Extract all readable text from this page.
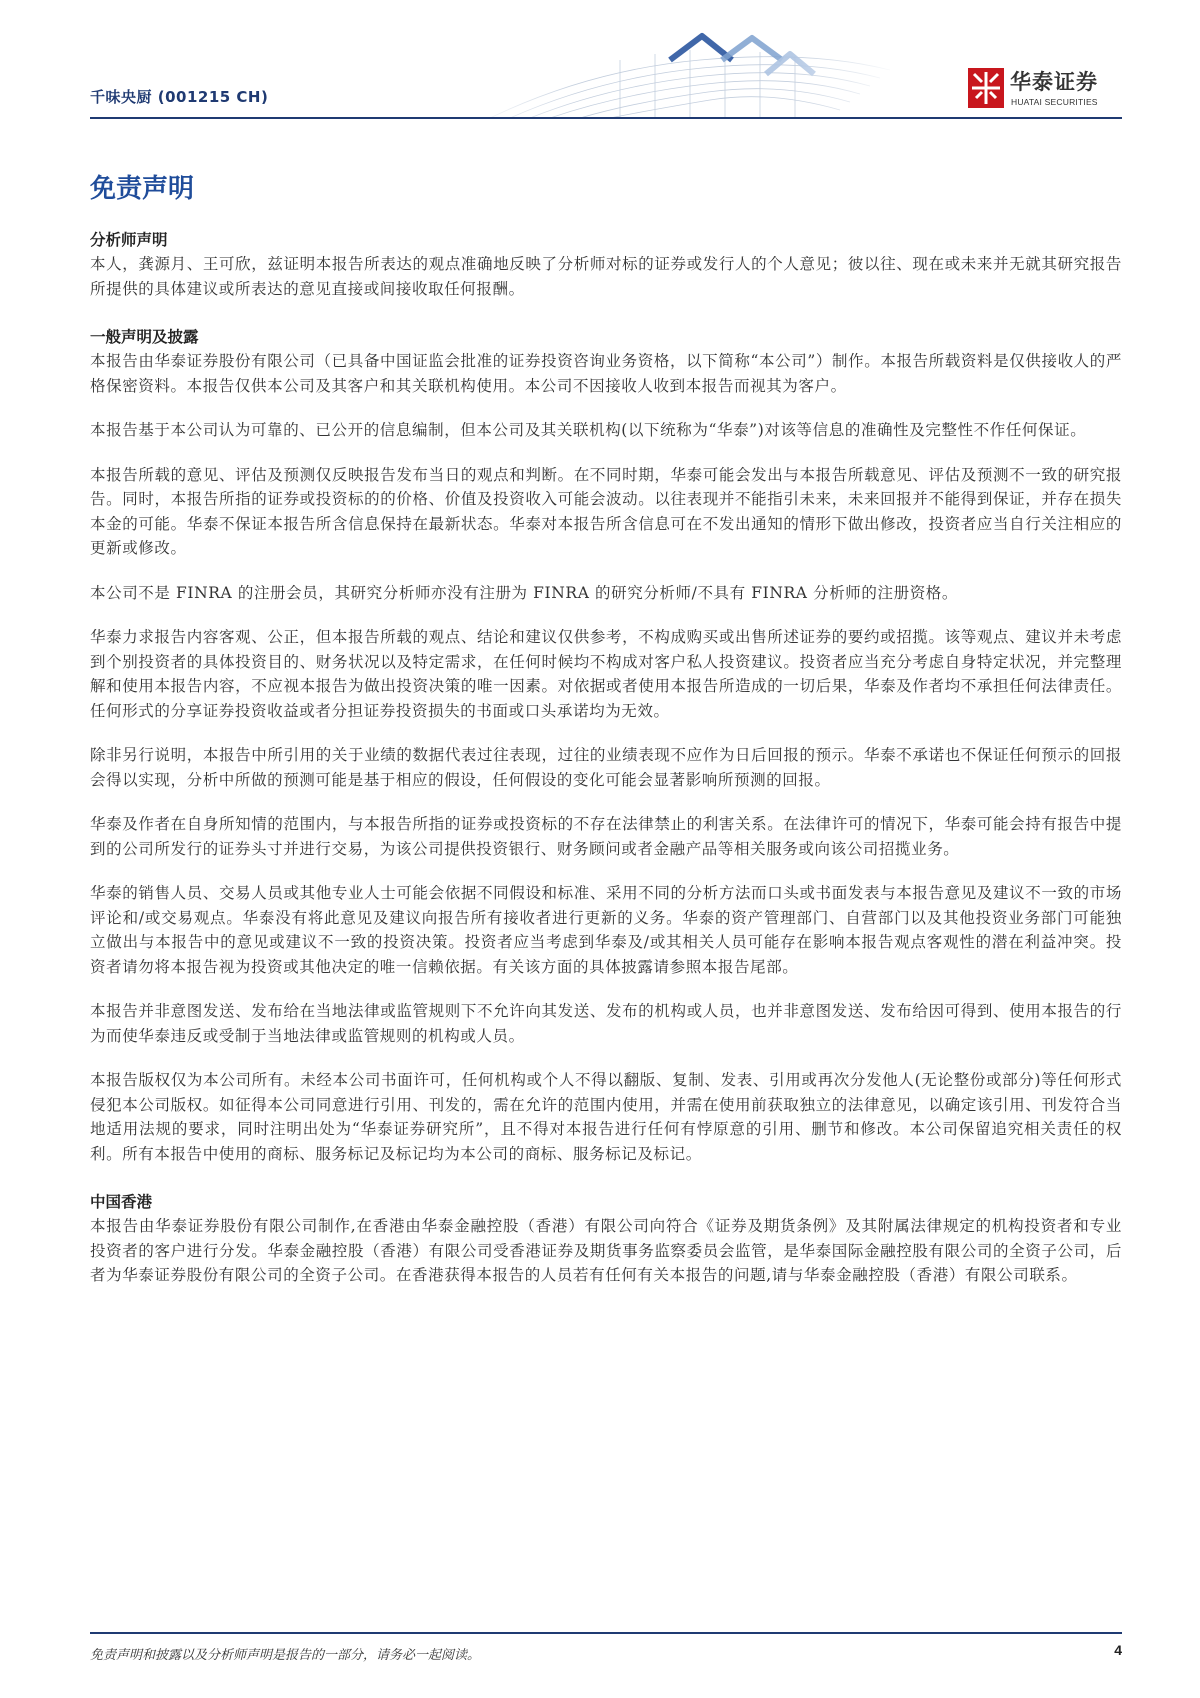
千味央厨 (001215 CH)
华泰证券
HUATAI SECURITIES
免责声明
分析师声明

本人，龚源月、王可欣，兹证明本报告所表达的观点准确地反映了分析师对标的证券或发行人的个人意见；彼以往、现在或未来并无就其研究报告所提供的具体建议或所表达的意见直接或间接收取任何报酬。

一般声明及披露

本报告由华泰证券股份有限公司（已具备中国证监会批准的证券投资咨询业务资格，以下简称“本公司”）制作。本报告所载资料是仅供接收人的严格保密资料。本报告仅供本公司及其客户和其关联机构使用。本公司不因接收人收到本报告而视其为客户。

本报告基于本公司认为可靠的、已公开的信息编制，但本公司及其关联机构(以下统称为“华泰”)对该等信息的准确性及完整性不作任何保证。

本报告所载的意见、评估及预测仅反映报告发布当日的观点和判断。在不同时期，华泰可能会发出与本报告所载意见、评估及预测不一致的研究报告。同时，本报告所指的证券或投资标的的价格、价值及投资收入可能会波动。以往表现并不能指引未来，未来回报并不能得到保证，并存在损失本金的可能。华泰不保证本报告所含信息保持在最新状态。华泰对本报告所含信息可在不发出通知的情形下做出修改，投资者应当自行关注相应的更新或修改。

本公司不是 FINRA 的注册会员，其研究分析师亦没有注册为 FINRA 的研究分析师/不具有 FINRA 分析师的注册资格。

华泰力求报告内容客观、公正，但本报告所载的观点、结论和建议仅供参考，不构成购买或出售所述证券的要约或招揽。该等观点、建议并未考虑到个别投资者的具体投资目的、财务状况以及特定需求，在任何时候均不构成对客户私人投资建议。投资者应当充分考虑自身特定状况，并完整理解和使用本报告内容，不应视本报告为做出投资决策的唯一因素。对依据或者使用本报告所造成的一切后果，华泰及作者均不承担任何法律责任。任何形式的分享证券投资收益或者分担证券投资损失的书面或口头承诺均为无效。

除非另行说明，本报告中所引用的关于业绩的数据代表过往表现，过往的业绩表现不应作为日后回报的预示。华泰不承诺也不保证任何预示的回报会得以实现，分析中所做的预测可能是基于相应的假设，任何假设的变化可能会显著影响所预测的回报。

华泰及作者在自身所知情的范围内，与本报告所指的证券或投资标的不存在法律禁止的利害关系。在法律许可的情况下，华泰可能会持有报告中提到的公司所发行的证券头寸并进行交易，为该公司提供投资银行、财务顾问或者金融产品等相关服务或向该公司招揽业务。

华泰的销售人员、交易人员或其他专业人士可能会依据不同假设和标准、采用不同的分析方法而口头或书面发表与本报告意见及建议不一致的市场评论和/或交易观点。华泰没有将此意见及建议向报告所有接收者进行更新的义务。华泰的资产管理部门、自营部门以及其他投资业务部门可能独立做出与本报告中的意见或建议不一致的投资决策。投资者应当考虑到华泰及/或其相关人员可能存在影响本报告观点客观性的潜在利益冲突。投资者请勿将本报告视为投资或其他决定的唯一信赖依据。有关该方面的具体披露请参照本报告尾部。

本报告并非意图发送、发布给在当地法律或监管规则下不允许向其发送、发布的机构或人员，也并非意图发送、发布给因可得到、使用本报告的行为而使华泰违反或受制于当地法律或监管规则的机构或人员。

本报告版权仅为本公司所有。未经本公司书面许可，任何机构或个人不得以翻版、复制、发表、引用或再次分发他人(无论整份或部分)等任何形式侵犯本公司版权。如征得本公司同意进行引用、刊发的，需在允许的范围内使用，并需在使用前获取独立的法律意见，以确定该引用、刊发符合当地适用法规的要求，同时注明出处为“华泰证券研究所”，且不得对本报告进行任何有悖原意的引用、删节和修改。本公司保留追究相关责任的权利。所有本报告中使用的商标、服务标记及标记均为本公司的商标、服务标记及标记。

中国香港

本报告由华泰证券股份有限公司制作,在香港由华泰金融控股（香港）有限公司向符合《证券及期货条例》及其附属法律规定的机构投资者和专业投资者的客户进行分发。华泰金融控股（香港）有限公司受香港证券及期货事务监察委员会监管，是华泰国际金融控股有限公司的全资子公司，后者为华泰证券股份有限公司的全资子公司。在香港获得本报告的人员若有任何有关本报告的问题,请与华泰金融控股（香港）有限公司联系。

免责声明和披露以及分析师声明是报告的一部分，请务必一起阅读。	4
